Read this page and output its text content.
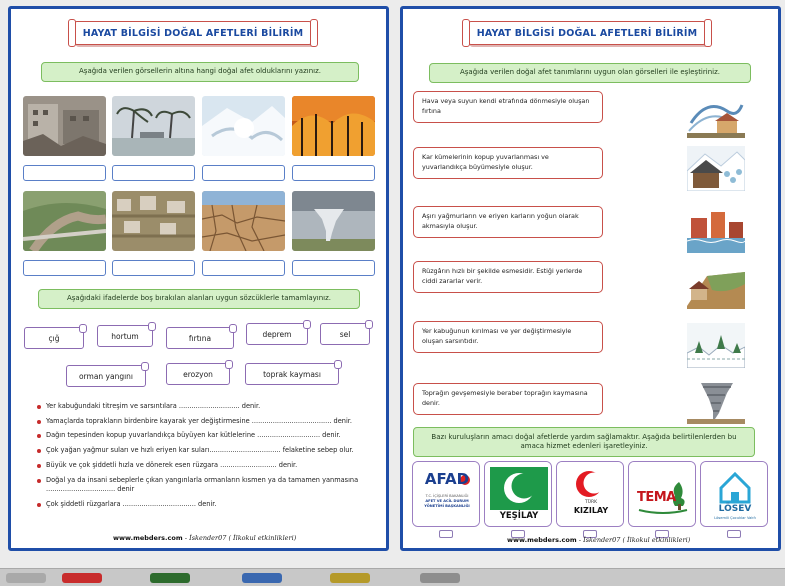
HAYAT BİLGİSİ DOĞAL AFETLERİ BİLİRİM
Aşağıda verilen görsellerin altına hangi doğal afet olduklarını yazınız.
Aşağıdaki ifadelerde boş bırakılan alanları uygun sözcüklerle tamamlayınız.
çığ	hortum	fırtına	deprem	sel
orman yangını	erozyon	toprak kayması
Yer kabuğundaki titreşim ve sarsıntılara ............................. denir.
Yamaçlarda toprakların birdenbire kayarak yer değiştirmesine ...................................... denir.
Dağın tepesinden kopup yuvarlandıkça büyüyen kar kütlelerine .............................. denir.
Çok yağan yağmur suları ve hızlı eriyen kar suları.................................. felaketine sebep olur.
Büyük ve çok şiddetli hızla ve dönerek esen rüzgara ........................... denir.
Doğal ya da insani sebeplerle çıkan yangınlarla ormanların kısmen ya da tamamen yanmasına ................................. denir
Çok şiddetli rüzgarlara ................................... denir.
www.mebders.com - İskender07 ( İlkokul etkinlikleri)
HAYAT BİLGİSİ DOĞAL AFETLERİ BİLİRİM
Aşağıda verilen doğal afet tanımlarını uygun olan görselleri ile eşleştiriniz.
Hava veya suyun kendi etrafında dönmesiyle oluşan fırtına
Kar kümelerinin kopup yuvarlanması ve yuvarlandıkça büyümesiyle oluşur.
Aşırı yağmurların ve eriyen karların yoğun olarak akmasıyla oluşur.
Rüzgârın hızlı bir şekilde esmesidir. Estiği yerlerde ciddi zararlar verir.
Yer kabuğunun kırılması ve yer değiştirmesiyle oluşan sarsıntıdır.
Toprağın gevşemesiyle beraber toprağın kaymasına denir.
Bazı kuruluşların amacı doğal afetlerde yardım sağlamaktır. Aşağıda belirtilenlerden bu amaca hizmet edenleri işaretleyiniz.
AFAD
T.C. İÇİŞLERİ BAKANLIĞI
AFET VE ACİL DURUM
YÖNETİMİ BAŞKANLIĞI
YEŞİLAY
TÜRK
KIZILAY
TEMA
LÖSEV
Lösemili Çocuklar Vakfı
www.mebders.com - İskender07 ( İlkokul etkinlikleri)
